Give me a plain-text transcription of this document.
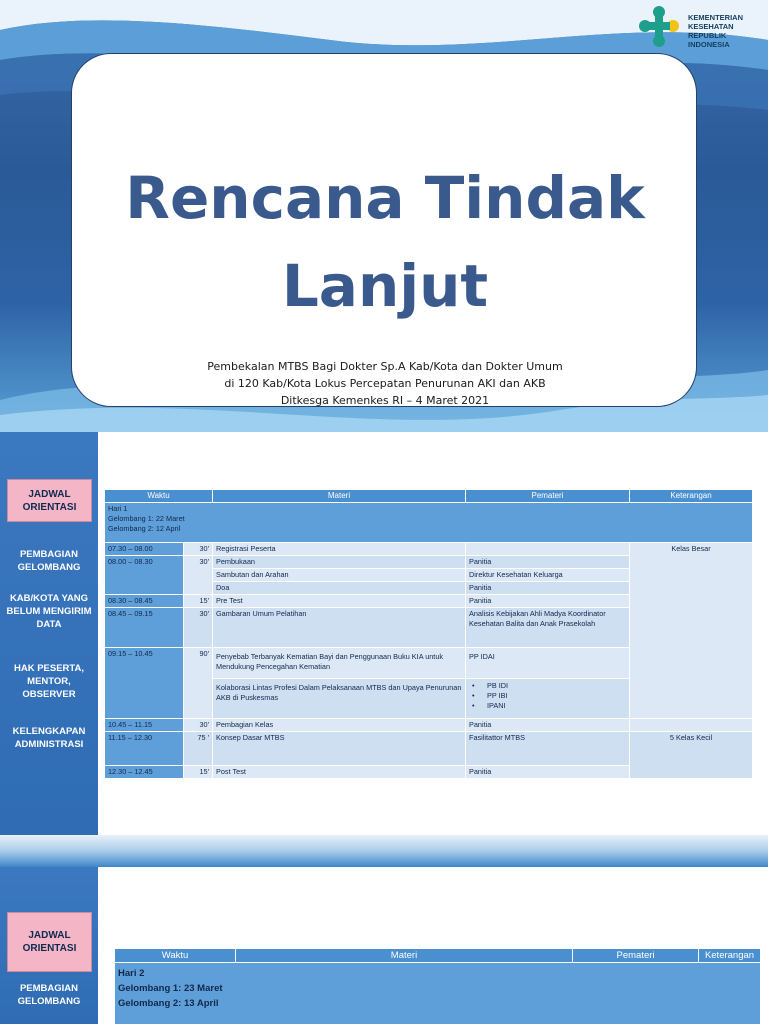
KEMENTERIAN
KESEHATAN
REPUBLIK
INDONESIA
Rencana Tindak
Lanjut
Pembekalan MTBS Bagi Dokter Sp.A Kab/Kota dan Dokter Umum
di 120 Kab/Kota Lokus Percepatan Penurunan AKI dan AKB
Ditkesga Kemenkes RI – 4 Maret 2021
JADWAL ORIENTASI
PEMBAGIAN GELOMBANG
KAB/KOTA YANG BELUM MENGIRIM DATA
HAK PESERTA, MENTOR, OBSERVER
KELENGKAPAN ADMINISTRASI
Waktu		Materi	Pemateri	Keterangan

Hari 1
Gelombang 1: 22 Maret
Gelombang 2: 12 April				

07.30 – 08.00	30'	Registrasi Peserta		Kelas Besar
08.00 – 08.30	30'	Pembukaan	Panitia	
		Sambutan dan Arahan	Direktur Kesehatan Keluarga	
		Doa	Panitia	
08.30 – 08.45	15'	Pre Test	Panitia	
08.45 – 09.15	30'	Gambaran Umum Pelatihan	Analisis Kebijakan Ahli Madya Koordinator Kesehatan Balita dan Anak Prasekolah	
09.15 – 10.45	90'	Penyebab Terbanyak Kematian Bayi dan Penggunaan Buku KIA untuk Mendukung Pencegahan Kematian	PP IDAI	
		Kolaborasi Lintas Profesi Dalam Pelaksanaan MTBS dan Upaya Penurunan AKB di Puskesmas	• PB IDI
• PP IBI
• IPANI

10.45 – 11.15	30'	Pembagian Kelas	Panitia	
11.15 – 12.30	75 '	Konsep Dasar MTBS	Fasilitattor MTBS	5 Kelas Kecil
12.30 – 12.45	15'	Post Test	Panitia	
JADWAL ORIENTASI
PEMBAGIAN GELOMBANG
Waktu	Materi	Pemateri	Keterangan

Hari 2
Gelombang 1: 23 Maret
Gelombang 2: 13 April
